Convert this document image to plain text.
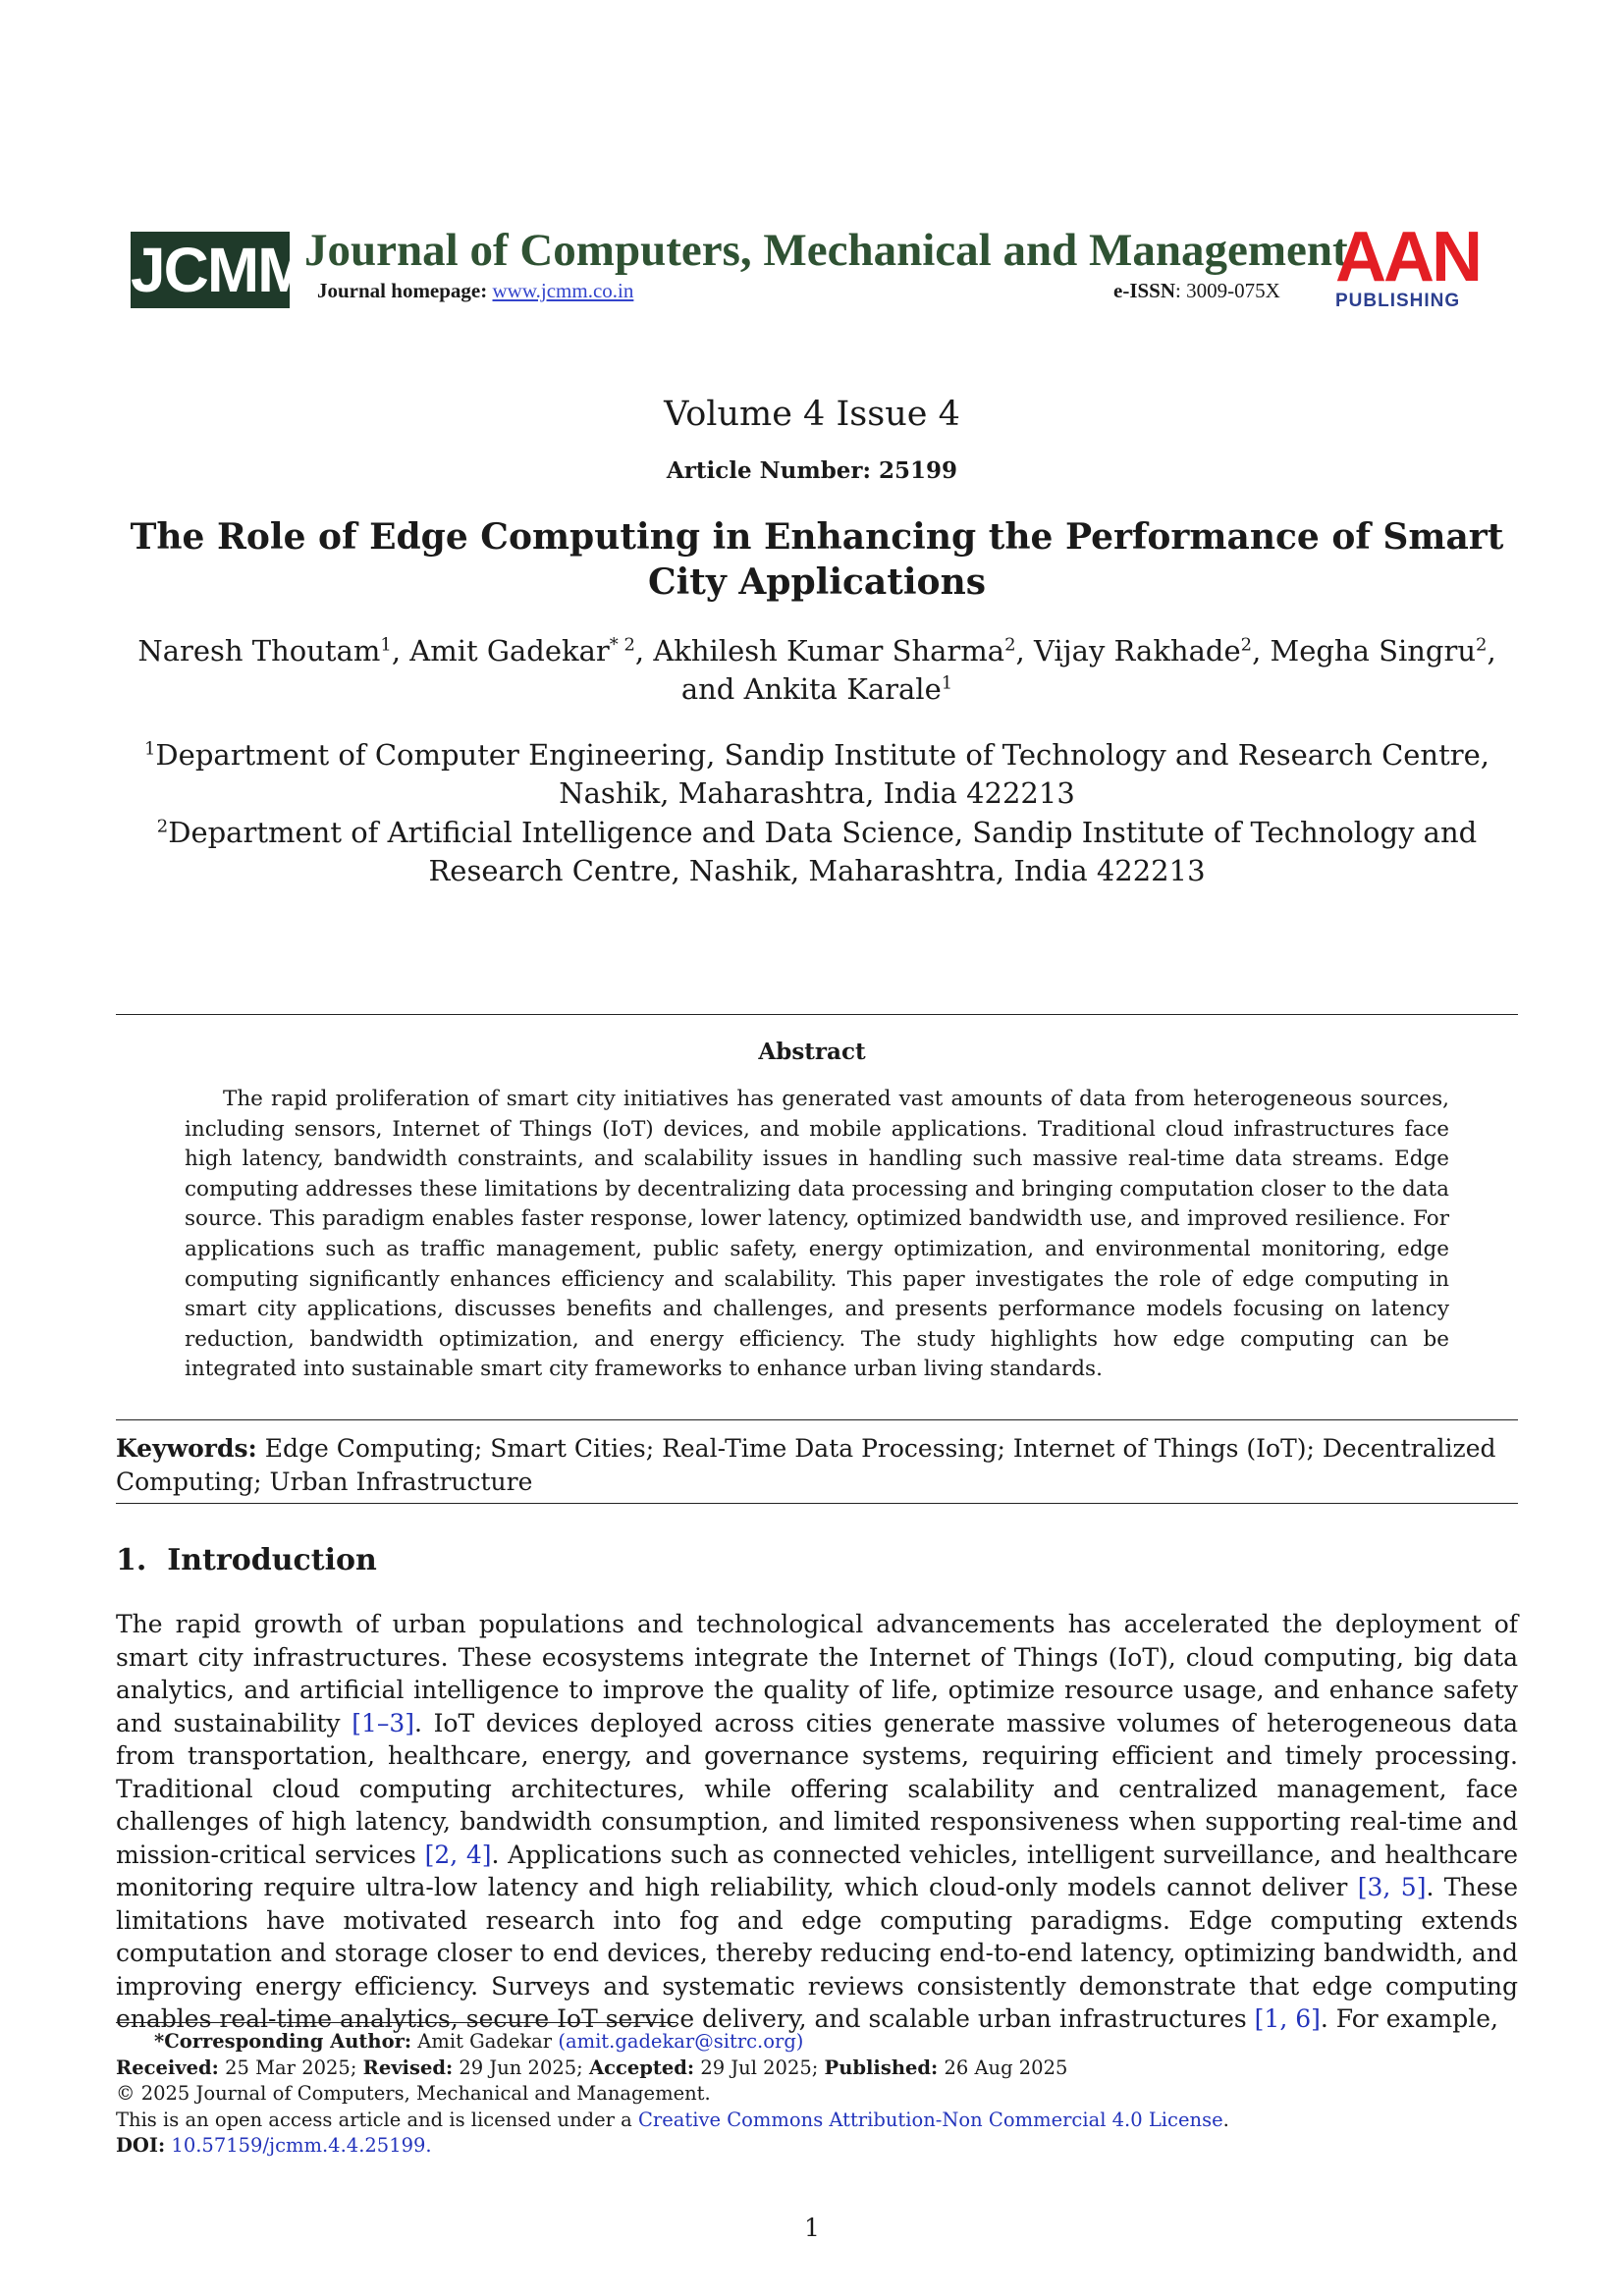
JCMM
Journal of Computers, Mechanical and Management
Journal homepage: www.jcmm.co.in	e-ISSN: 3009-075X AAN
PUBLISHING
Volume 4 Issue 4
Article Number: 25199
The Role of Edge Computing in Enhancing the Performance of Smart City Applications
Naresh Thoutam$^1$, Amit Gadekar$^{* 2}$, Akhilesh Kumar Sharma$^2$, Vijay Rakhade$^2$, Megha Singru$^2$, and Ankita Karale$^1$
$^1$Department of Computer Engineering, Sandip Institute of Technology and Research Centre, Nashik, Maharashtra, India 422213
$^2$Department of Artificial Intelligence and Data Science, Sandip Institute of Technology and Research Centre, Nashik, Maharashtra, India 422213
Abstract
The rapid proliferation of smart city initiatives has generated vast amounts of data from heterogeneous sources, including sensors, Internet of Things (IoT) devices, and mobile applications. Traditional cloud infrastructures face high latency, bandwidth constraints, and scalability issues in handling such massive real-time data streams. Edge computing addresses these limitations by decentralizing data processing and bringing computation closer to the data source. This paradigm enables faster response, lower latency, optimized bandwidth use, and improved resilience. For applications such as traffic management, public safety, energy optimization, and environmental monitoring, edge computing significantly enhances efficiency and scalability. This paper investigates the role of edge computing in smart city applications, discusses benefits and challenges, and presents performance models focusing on latency reduction, bandwidth optimization, and energy efficiency. The study highlights how edge computing can be integrated into sustainable smart city frameworks to enhance urban living standards.
Keywords: Edge Computing; Smart Cities; Real-Time Data Processing; Internet of Things (IoT); Decentralized Computing; Urban Infrastructure
1.  Introduction
The rapid growth of urban populations and technological advancements has accelerated the deployment of smart city infrastructures. These ecosystems integrate the Internet of Things (IoT), cloud computing, big data analytics, and artificial intelligence to improve the quality of life, optimize resource usage, and enhance safety and sustainability [1–3]. IoT devices deployed across cities generate massive volumes of heterogeneous data from transportation, healthcare, energy, and governance systems, requiring efficient and timely processing. Traditional cloud computing architectures, while offering scalability and centralized management, face challenges of high latency, bandwidth consumption, and limited responsiveness when supporting real-time and mission-critical services [2, 4]. Applications such as connected vehicles, intelligent surveillance, and healthcare monitoring require ultra-low latency and high reliability, which cloud-only models cannot deliver [3, 5]. These limitations have motivated research into fog and edge computing paradigms. Edge computing extends computation and storage closer to end devices, thereby reducing end-to-end latency, optimizing bandwidth, and improving energy efficiency. Surveys and systematic reviews consistently demonstrate that edge computing enables real-time analytics, secure IoT service delivery, and scalable urban infrastructures [1, 6]. For example,
*Corresponding Author: Amit Gadekar (amit.gadekar@sitrc.org)
Received: 25 Mar 2025; Revised: 29 Jun 2025; Accepted: 29 Jul 2025; Published: 26 Aug 2025
© 2025 Journal of Computers, Mechanical and Management.
This is an open access article and is licensed under a Creative Commons Attribution-Non Commercial 4.0 License.
DOI: 10.57159/jcmm.4.4.25199.
1
